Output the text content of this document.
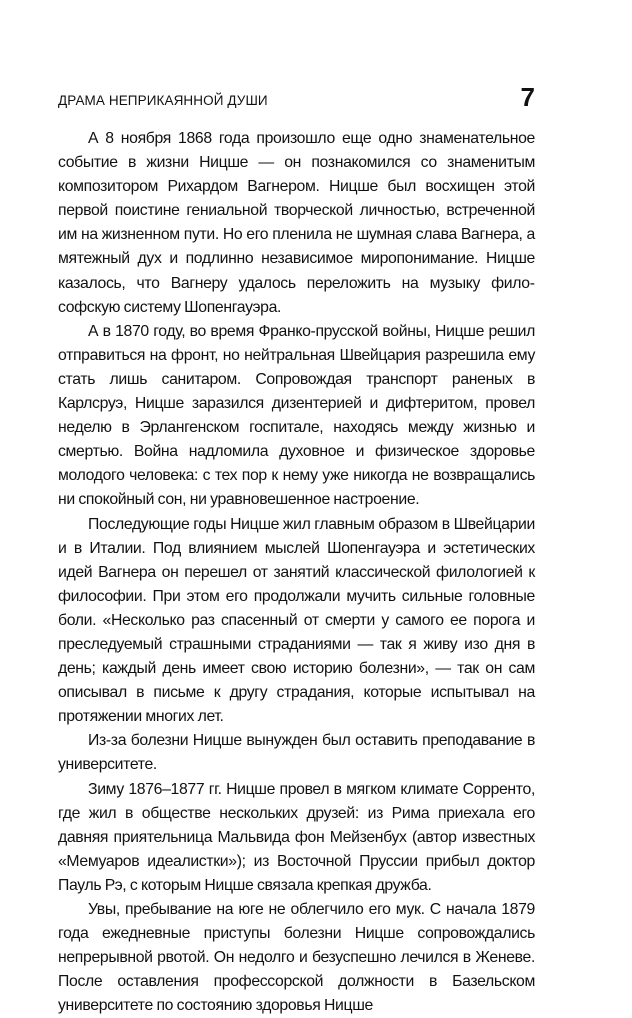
ДРАМА НЕПРИКАЯННОЙ ДУШИ	7

А 8 ноября 1868 года произошло еще одно знаменательное событие в жизни Ницше — он познакомился со знаменитым композитором Рихардом Вагнером. Ницше был восхищен этой первой поистине гениальной творческой личностью, встреченной им на жизненном пути. Но его пленила не шумная слава Вагнера, а мятежный дух и подлинно независимое миропонимание. Ницше казалось, что Вагнеру удалось переложить на музыку философскую систему Шопенгауэра.

А в 1870 году, во время Франко-прусской войны, Ницше решил отправиться на фронт, но нейтральная Швейцария разрешила ему стать лишь санитаром. Сопровождая транспорт раненых в Карлсруэ, Ницше заразился дизентерией и дифтеритом, провел неделю в Эрлангенском госпитале, находясь между жизнью и смертью. Война надломила духовное и физическое здоровье молодого человека: с тех пор к нему уже никогда не возвращались ни спокойный сон, ни уравновешенное настроение.

Последующие годы Ницше жил главным образом в Швейцарии и в Италии. Под влиянием мыслей Шопенгауэра и эстетических идей Вагнера он перешел от занятий классической филологией к философии. При этом его продолжали мучить сильные головные боли. «Несколько раз спасенный от смерти у самого ее порога и преследуемый страшными страданиями — так я живу изо дня в день; каждый день имеет свою историю болезни», — так он сам описывал в письме к другу страдания, которые испытывал на протяжении многих лет.

Из-за болезни Ницше вынужден был оставить преподавание в университете.

Зиму 1876–1877 гг. Ницше провел в мягком климате Сорренто, где жил в обществе нескольких друзей: из Рима приехала его давняя приятельница Мальвида фон Мейзенбух (автор известных «Мемуаров идеалистки»); из Восточной Пруссии прибыл доктор Пауль Рэ, с которым Ницше связала крепкая дружба.

Увы, пребывание на юге не облегчило его мук. С начала 1879 года ежедневные приступы болезни Ницше сопровождались непрерывной рвотой. Он недолго и безуспешно лечился в Женеве. После оставления профессорской должности в Базельском университете по состоянию здоровья Ницше
